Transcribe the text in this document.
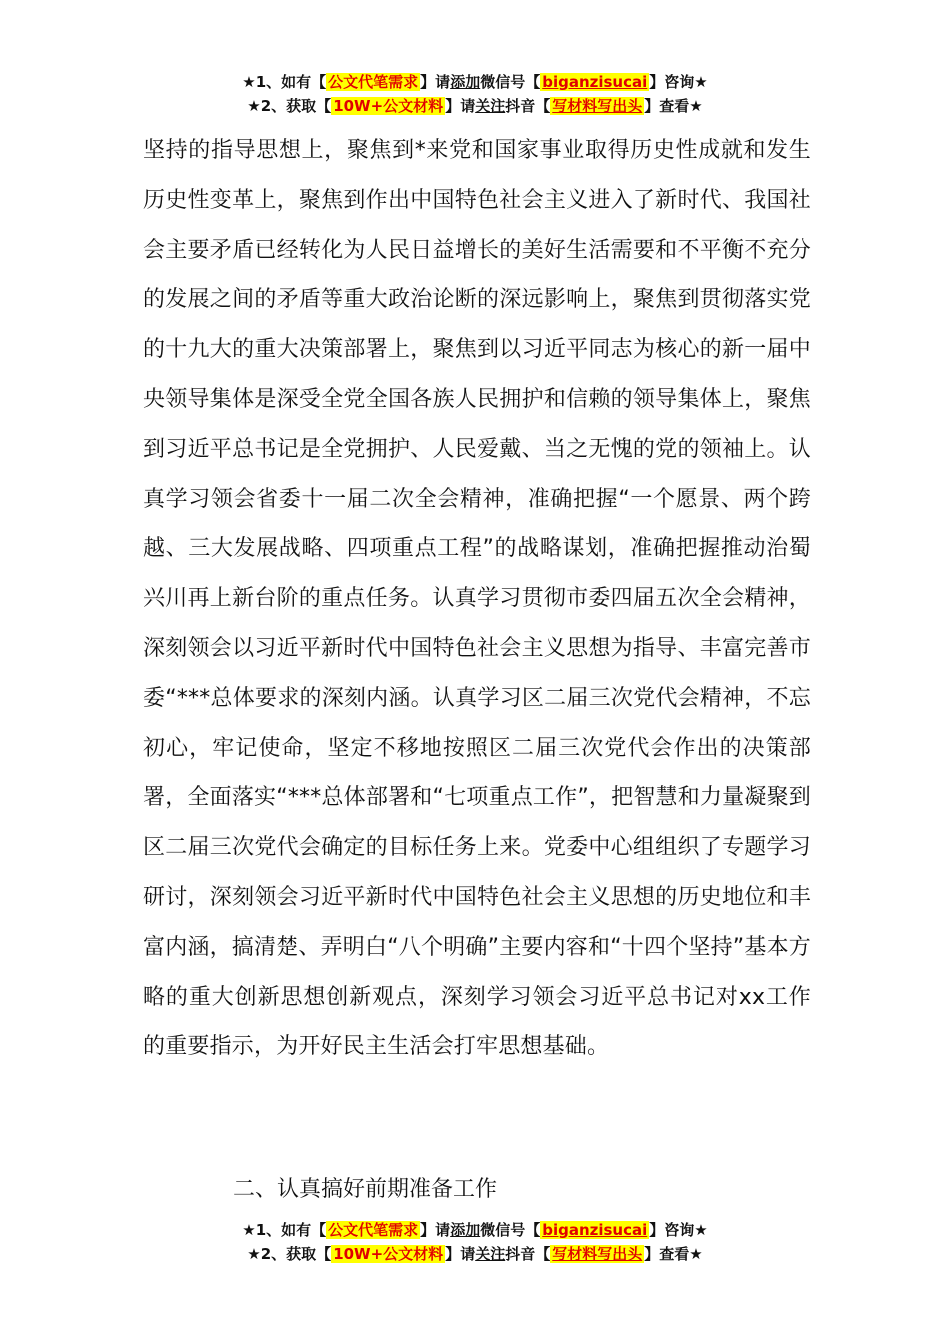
★1、如有【 公文代笔需求 】请添加微信号【 biganzisucai 】咨询★
★2、获取【 10W+公文材料 】请关注抖音【 写材料写出头 】查看★

坚持的指导思想上，聚焦到*来党和国家事业取得历史性成就和发生历史性变革上，聚焦到作出中国特色社会主义进入了新时代、我国社会主要矛盾已经转化为人民日益增长的美好生活需要和不平衡不充分的发展之间的矛盾等重大政治论断的深远影响上，聚焦到贯彻落实党的十九大的重大决策部署上，聚焦到以习近平同志为核心的新一届中央领导集体是深受全党全国各族人民拥护和信赖的领导集体上，聚焦到习近平总书记是全党拥护、人民爱戴、当之无愧的党的领袖上。认真学习领会省委十一届二次全会精神，准确把握“一个愿景、两个跨越、三大发展战略、四项重点工程”的战略谋划，准确把握推动治蜀兴川再上新台阶的重点任务。认真学习贯彻市委四届五次全会精神，深刻领会以习近平新时代中国特色社会主义思想为指导、丰富完善市委“***总体要求的深刻内涵。认真学习区二届三次党代会精神，不忘初心，牢记使命，坚定不移地按照区二届三次党代会作出的决策部署，全面落实“***总体部署和“七项重点工作”，把智慧和力量凝聚到区二届三次党代会确定的目标任务上来。党委中心组组织了专题学习研讨，深刻领会习近平新时代中国特色社会主义思想的历史地位和丰富内涵，搞清楚、弄明白“八个明确”主要内容和“十四个坚持”基本方略的重大创新思想创新观点，深刻学习领会习近平总书记对xx工作的重要指示，为开好民主生活会打牢思想基础。

二、认真搞好前期准备工作
★1、如有【 公文代笔需求 】请添加微信号【 biganzisucai 】咨询★
★2、获取【 10W+公文材料 】请关注抖音【 写材料写出头 】查看★
